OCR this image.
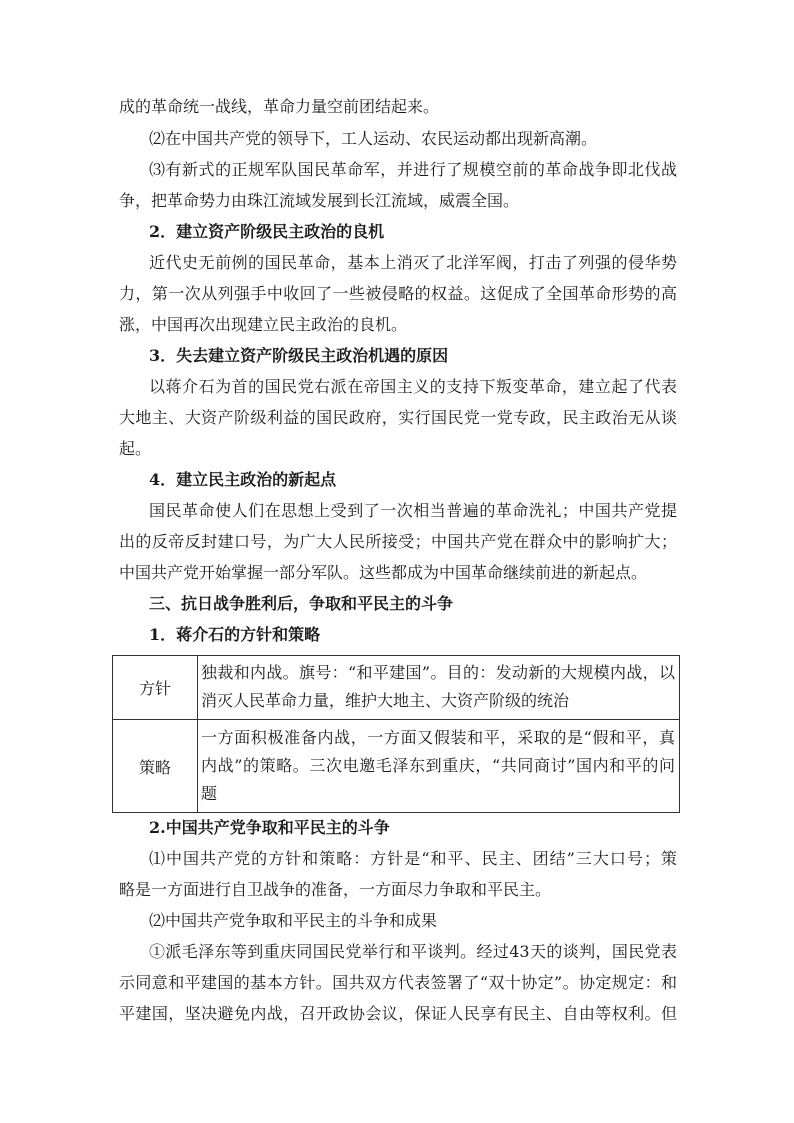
成的革命统一战线，革命力量空前团结起来。
⑵在中国共产党的领导下，工人运动、农民运动都出现新高潮。
⑶有新式的正规军队国民革命军，并进行了规模空前的革命战争即北伐战
争，把革命势力由珠江流域发展到长江流域，威震全国。
2．建立资产阶级民主政治的良机
近代史无前例的国民革命，基本上消灭了北洋军阀，打击了列强的侵华势
力，第一次从列强手中收回了一些被侵略的权益。这促成了全国革命形势的高
涨，中国再次出现建立民主政治的良机。
3．失去建立资产阶级民主政治机遇的原因
以蒋介石为首的国民党右派在帝国主义的支持下叛变革命，建立起了代表
大地主、大资产阶级利益的国民政府，实行国民党一党专政，民主政治无从谈
起。
4．建立民主政治的新起点
国民革命使人们在思想上受到了一次相当普遍的革命洗礼；中国共产党提
出的反帝反封建口号，为广大人民所接受；中国共产党在群众中的影响扩大；
中国共产党开始掌握一部分军队。这些都成为中国革命继续前进的新起点。
三、抗日战争胜利后，争取和平民主的斗争
1．蒋介石的方针和策略
方针
独裁和内战。旗号：“和平建国”。目的：发动新的大规模内战，以
消灭人民革命力量，维护大地主、大资产阶级的统治
策略
一方面积极准备内战，一方面又假装和平，采取的是“假和平，真
内战”的策略。三次电邀毛泽东到重庆，“共同商讨”国内和平的问
题
2.中国共产党争取和平民主的斗争
⑴中国共产党的方针和策略：方针是“和平、民主、团结”三大口号；策
略是一方面进行自卫战争的准备，一方面尽力争取和平民主。
⑵中国共产党争取和平民主的斗争和成果
①派毛泽东等到重庆同国民党举行和平谈判。经过43天的谈判，国民党表
示同意和平建国的基本方针。国共双方代表签署了“双十协定”。协定规定：和
平建国，坚决避免内战，召开政协会议，保证人民享有民主、自由等权利。但
